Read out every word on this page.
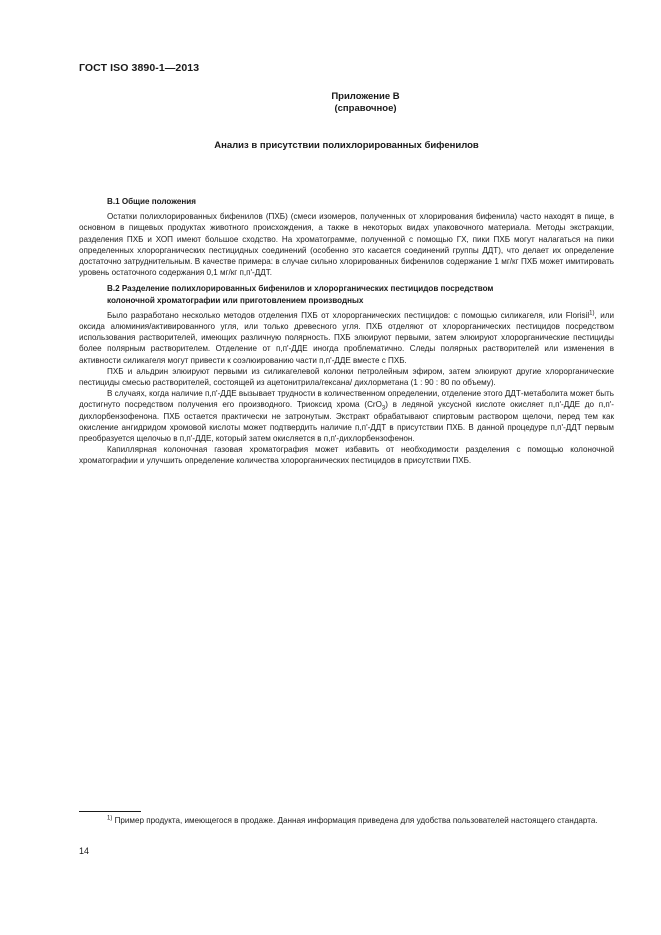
ГОСТ ISO 3890-1—2013
Приложение В
(справочное)
Анализ в присутствии полихлорированных бифенилов
В.1 Общие положения

Остатки полихлорированных бифенилов (ПХБ) (смеси изомеров, полученных от хлорирования бифенила) часто находят в пище, в основном в пищевых продуктах животного происхождения, а также в некоторых видах упаковочного материала. Методы экстракции, разделения ПХБ и ХОП имеют большое сходство. На хроматограмме, полученной с помощью ГХ, пики ПХБ могут налагаться на пики определенных хлорорганических пестицидных соединений (особенно это касается соединений группы ДДТ), что делает их определение достаточно затруднительным. В качестве примера: в случае сильно хлорированных бифенилов содержание 1 мг/кг ПХБ может имитировать уровень остаточного содержания 0,1 мг/кг п,п'-ДДТ.

В.2 Разделение полихлорированных бифенилов и хлорорганических пестицидов посредством
колоночной хроматографии или приготовлением производных

Было разработано несколько методов отделения ПХБ от хлорорганических пестицидов: с помощью силикагеля, или Florisil$^{1)}$, или оксида алюминия/активированного угля, или только древесного угля. ПХБ отделяют от хлорорганических пестицидов посредством использования растворителей, имеющих различную полярность. ПХБ элюируют первыми, затем элюируют хлорорганические пестициды более полярным растворителем. Отделение от п,п'-ДДЕ иногда проблематично. Следы полярных растворителей или изменения в активности силикагеля могут привести к соэлюированию части п,п'-ДДЕ вместе с ПХБ.

ПХБ и альдрин элюируют первыми из силикагелевой колонки петролейным эфиром, затем элюируют другие хлорорганические пестициды смесью растворителей, состоящей из ацетонитрила/гексана/ дихлорметана (1 : 90 : 80 по объему).

В случаях, когда наличие п,п'-ДДЕ вызывает трудности в количественном определении, отделение этого ДДТ-метаболита может быть достигнуто посредством получения его производного. Триоксид хрома (CrO$_3$) в ледяной уксусной кислоте окисляет п,п'-ДДЕ до п,п'-дихлорбензофенона. ПХБ остается практически не затронутым. Экстракт обрабатывают спиртовым раствором щелочи, перед тем как окисление ангидридом хромовой кислоты может подтвердить наличие п,п'-ДДТ в присутствии ПХБ. В данной процедуре п,п'-ДДТ первым преобразуется щелочью в п,п'-ДДЕ, который затем окисляется в п,п'-дихлорбензофенон.

Капиллярная колоночная газовая хроматография может избавить от необходимости разделения с помощью колоночной хроматографии и улучшить определение количества хлорорганических пестицидов в присутствии ПХБ.

$^{1)}$ Пример продукта, имеющегося в продаже. Данная информация приведена для удобства пользователей настоящего стандарта.
14
